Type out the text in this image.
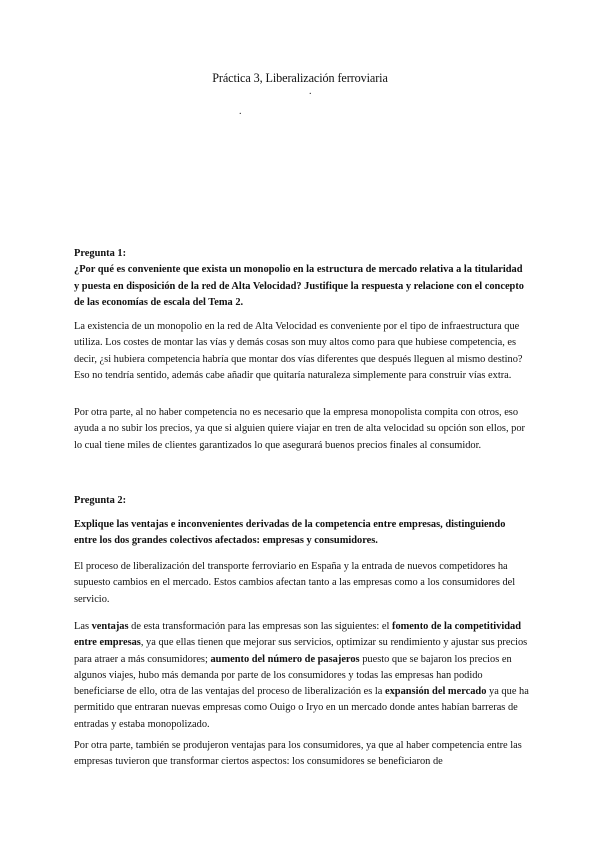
Práctica 3, Liberalización ferroviaria
.
.

Pregunta 1:

¿Por qué es conveniente que exista un monopolio en la estructura de mercado relativa a la titularidad y puesta en disposición de la red de Alta Velocidad? Justifique la respuesta y relacione con el concepto de las economías de escala del Tema 2.

La existencia de un monopolio en la red de Alta Velocidad es conveniente por el tipo de infraestructura que utiliza. Los costes de montar las vías y demás cosas son muy altos como para que hubiese competencia, es decir, ¿si hubiera competencia habría que montar dos vías diferentes que después lleguen al mismo destino? Eso no tendría sentido, además cabe añadir que quitaría naturaleza simplemente para construir vías extra.

Por otra parte, al no haber competencia no es necesario que la empresa monopolista compita con otros, eso ayuda a no subir los precios, ya que si alguien quiere viajar en tren de alta velocidad su opción son ellos, por lo cual tiene miles de clientes garantizados lo que asegurará buenos precios finales al consumidor.

Pregunta 2:

Explique las ventajas e inconvenientes derivadas de la competencia entre empresas, distinguiendo entre los dos grandes colectivos afectados: empresas y consumidores.

El proceso de liberalización del transporte ferroviario en España y la entrada de nuevos competidores ha supuesto cambios en el mercado. Estos cambios afectan tanto a las empresas como a los consumidores del servicio.

Las ventajas de esta transformación para las empresas son las siguientes: el fomento de la competitividad entre empresas, ya que ellas tienen que mejorar sus servicios, optimizar su rendimiento y ajustar sus precios para atraer a más consumidores; aumento del número de pasajeros puesto que se bajaron los precios en algunos viajes, hubo más demanda por parte de los consumidores y todas las empresas han podido beneficiarse de ello, otra de las ventajas del proceso de liberalización es la expansión del mercado ya que ha permitido que entraran nuevas empresas como Ouigo o Iryo en un mercado donde antes habían barreras de entradas y estaba monopolizado.

Por otra parte, también se produjeron ventajas para los consumidores, ya que al haber competencia entre las empresas tuvieron que transformar ciertos aspectos: los consumidores se beneficiaron de
